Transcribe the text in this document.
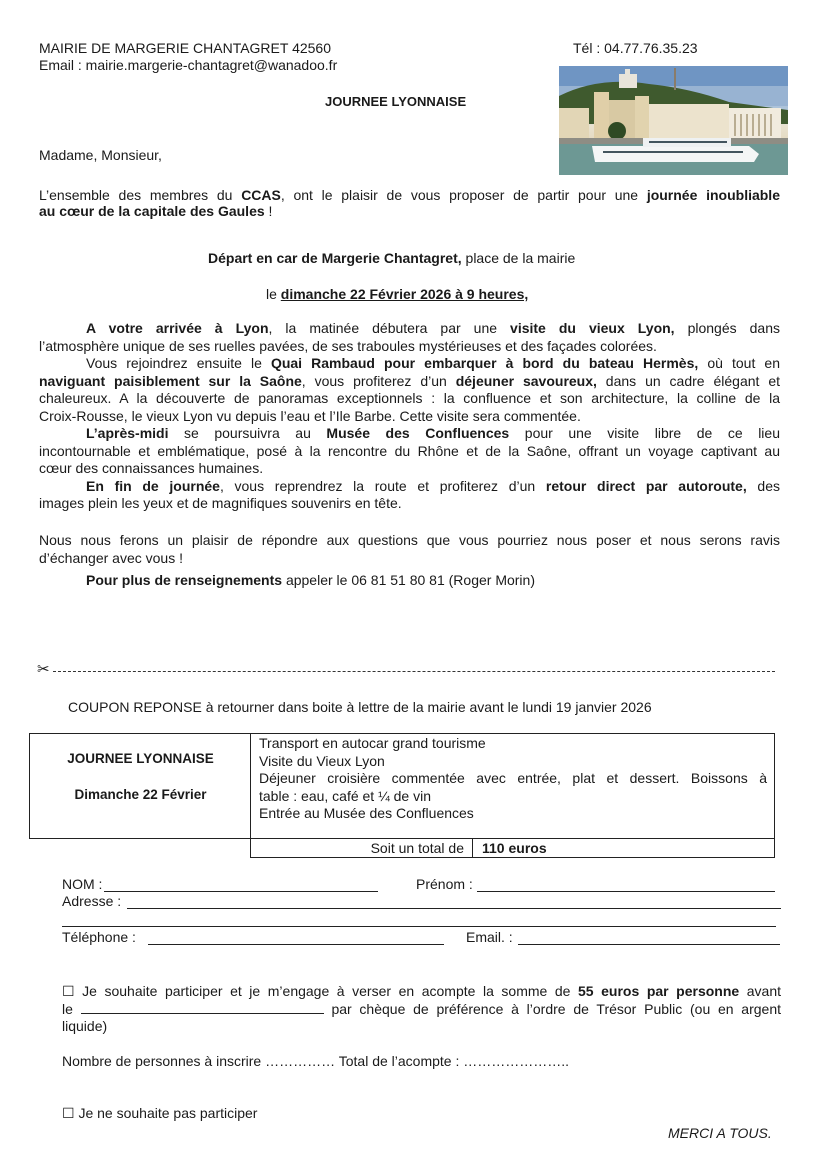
MAIRIE DE MARGERIE CHANTAGRET 42560
Email : mairie.margerie-chantagret@wanadoo.fr
Tél : 04.77.76.35.23
JOURNEE LYONNAISE
Madame, Monsieur,
L’ensemble des membres du CCAS, ont le plaisir de vous proposer de partir pour une journée inoubliable
au cœur de la capitale des Gaules !
Départ en car de Margerie Chantagret, place de la mairie
le dimanche 22 Février 2026 à 9 heures,
A votre arrivée à Lyon, la matinée débutera par une visite du vieux Lyon, plongés dans
l’atmosphère unique de ses ruelles pavées, de ses traboules mystérieuses et des façades colorées.
Vous rejoindrez ensuite le Quai Rambaud pour embarquer à bord du bateau Hermès, où tout en
naviguant paisiblement sur la Saône, vous profiterez d’un déjeuner savoureux, dans un cadre élégant et
chaleureux. A la découverte de panoramas exceptionnels : la confluence et son architecture, la colline de la
Croix-Rousse, le vieux Lyon vu depuis l’eau et l’Ile Barbe. Cette visite sera commentée.
L’après-midi se poursuivra au Musée des Confluences pour une visite libre de ce lieu
incontournable et emblématique, posé à la rencontre du Rhône et de la Saône, offrant un voyage captivant au
cœur des connaissances humaines.
En fin de journée, vous reprendrez la route et profiterez d’un retour direct par autoroute, des
images plein les yeux et de magnifiques souvenirs en tête.
Nous nous ferons un plaisir de répondre aux questions que vous pourriez nous poser et nous serons ravis
d’échanger avec vous !
Pour plus de renseignements appeler le 06 81 51 80 81 (Roger Morin)
✂
COUPON REPONSE à retourner dans boite à lettre de la mairie avant le lundi 19 janvier 2026
JOURNEE LYONNAISE
Dimanche 22 Février
Transport en autocar grand tourisme
Visite du Vieux Lyon
Déjeuner croisière commentée avec entrée, plat et dessert. Boissons à
table : eau, café et ¼ de vin
Entrée au Musée des Confluences
Soit un total de 110 euros
NOM :	Prénom :
Adresse :
Téléphone :	Email. :
☐ Je souhaite participer et je m’engage à verser en acompte la somme de 55 euros par personne avant
le	par chèque de préférence à l’ordre de Trésor Public (ou en argent
liquide)
Nombre de personnes à inscrire …………… Total de l’acompte : …………………..
☐ Je ne souhaite pas participer
MERCI A TOUS.
